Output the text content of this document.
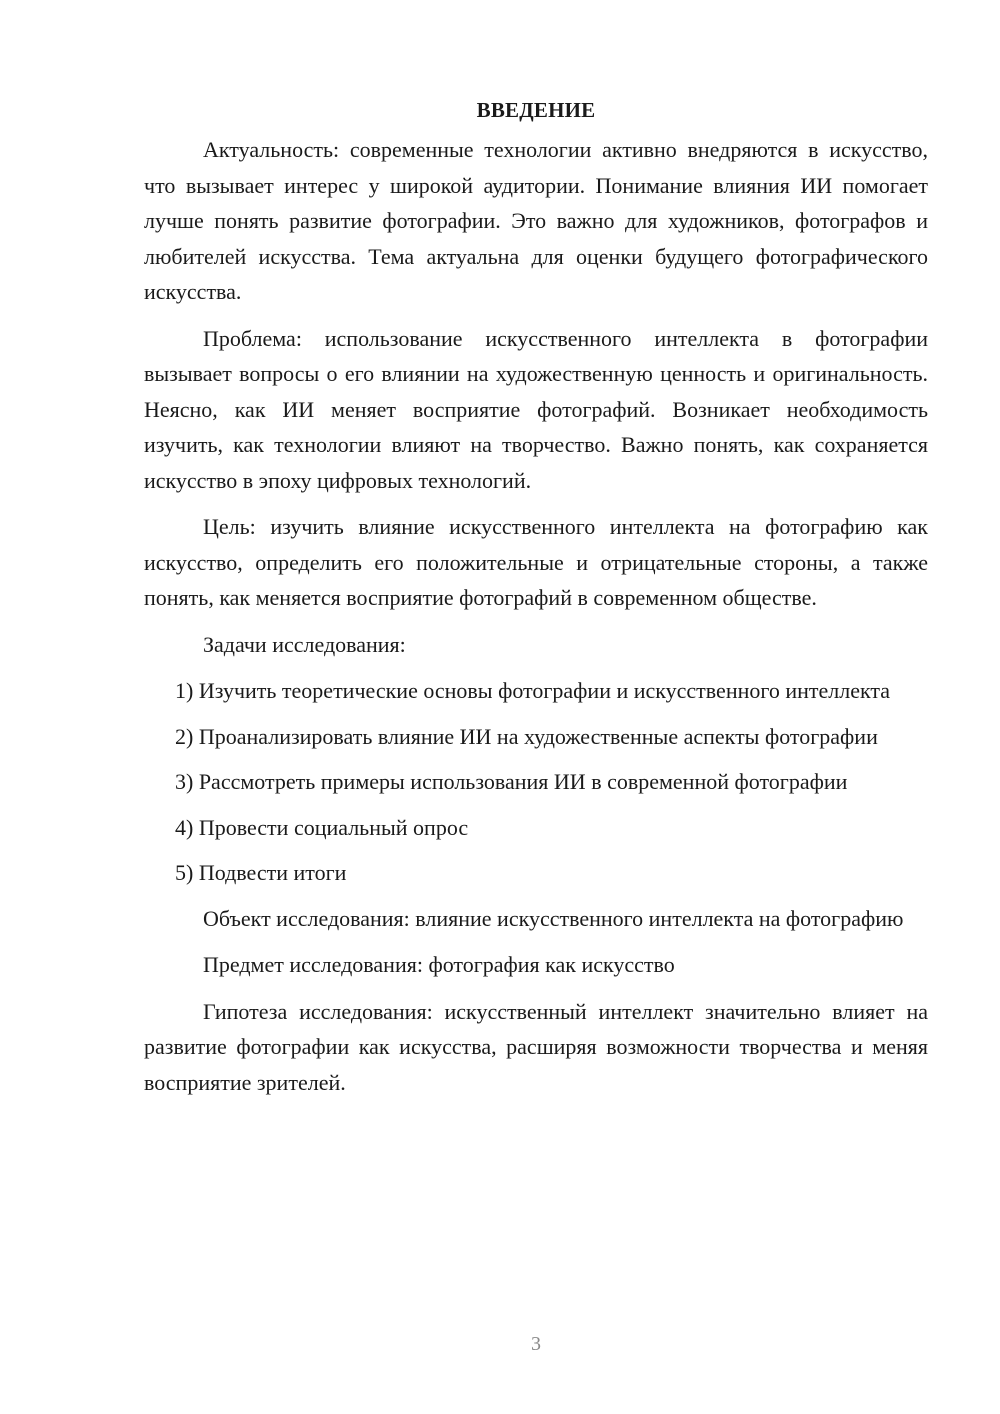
ВВЕДЕНИЕ

Актуальность: современные технологии активно внедряются в искусство, что вызывает интерес у широкой аудитории. Понимание влияния ИИ помогает лучше понять развитие фотографии. Это важно для художников, фотографов и любителей искусства. Тема актуальна для оценки будущего фотографического искусства.

Проблема: использование искусственного интеллекта в фотографии вызывает вопросы о его влиянии на художественную ценность и оригинальность. Неясно, как ИИ меняет восприятие фотографий. Возникает необходимость изучить, как технологии влияют на творчество. Важно понять, как сохраняется искусство в эпоху цифровых технологий.

Цель: изучить влияние искусственного интеллекта на фотографию как искусство, определить его положительные и отрицательные стороны, а также понять, как меняется восприятие фотографий в современном обществе.

Задачи исследования:

1) Изучить теоретические основы фотографии и искусственного интеллекта

2) Проанализировать влияние ИИ на художественные аспекты фотографии

3) Рассмотреть примеры использования ИИ в современной фотографии

4) Провести социальный опрос

5) Подвести итоги

Объект исследования: влияние искусственного интеллекта на фотографию

Предмет исследования: фотография как искусство

Гипотеза исследования: искусственный интеллект значительно влияет на развитие фотографии как искусства, расширяя возможности творчества и меняя восприятие зрителей.

3
